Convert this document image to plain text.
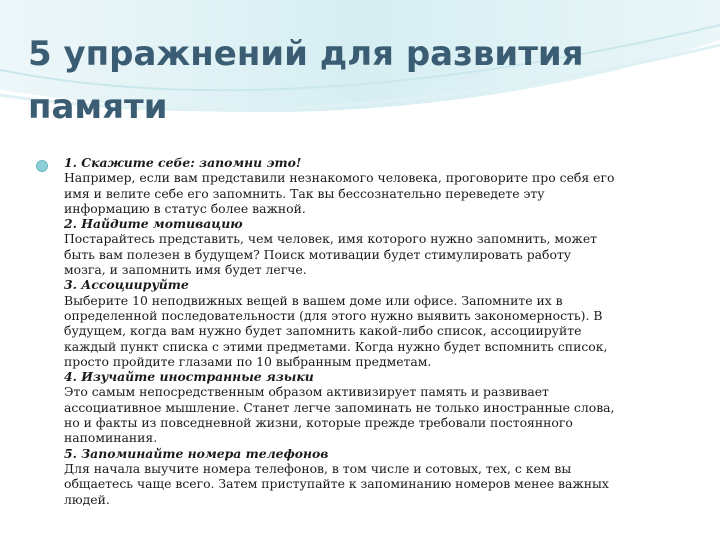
5 упражнений для развития
памяти

1. Скажите себе: запомни это!
Например, если вам представили незнакомого человека, проговорите про себя его
имя и велите себе его запомнить. Так вы бессознательно переведете эту
информацию в статус более важной.
2. Найдите мотивацию
Постарайтесь представить, чем человек, имя которого нужно запомнить, может
быть вам полезен в будущем? Поиск мотивации будет стимулировать работу
мозга, и запомнить имя будет легче.
3. Ассоциируйте
Выберите 10 неподвижных вещей в вашем доме или офисе. Запомните их в
определенной последовательности (для этого нужно выявить закономерность). В
будущем, когда вам нужно будет запомнить какой-либо список, ассоциируйте
каждый пункт списка с этими предметами. Когда нужно будет вспомнить список,
просто пройдите глазами по 10 выбранным предметам.
4. Изучайте иностранные языки
Это самым непосредственным образом активизирует память и развивает
ассоциативное мышление. Станет легче запоминать не только иностранные слова,
но и факты из повседневной жизни, которые прежде требовали постоянного
напоминания.
5. Запоминайте номера телефонов
Для начала выучите номера телефонов, в том числе и сотовых, тех, с кем вы
общаетесь чаще всего. Затем приступайте к запоминанию номеров менее важных
людей.
